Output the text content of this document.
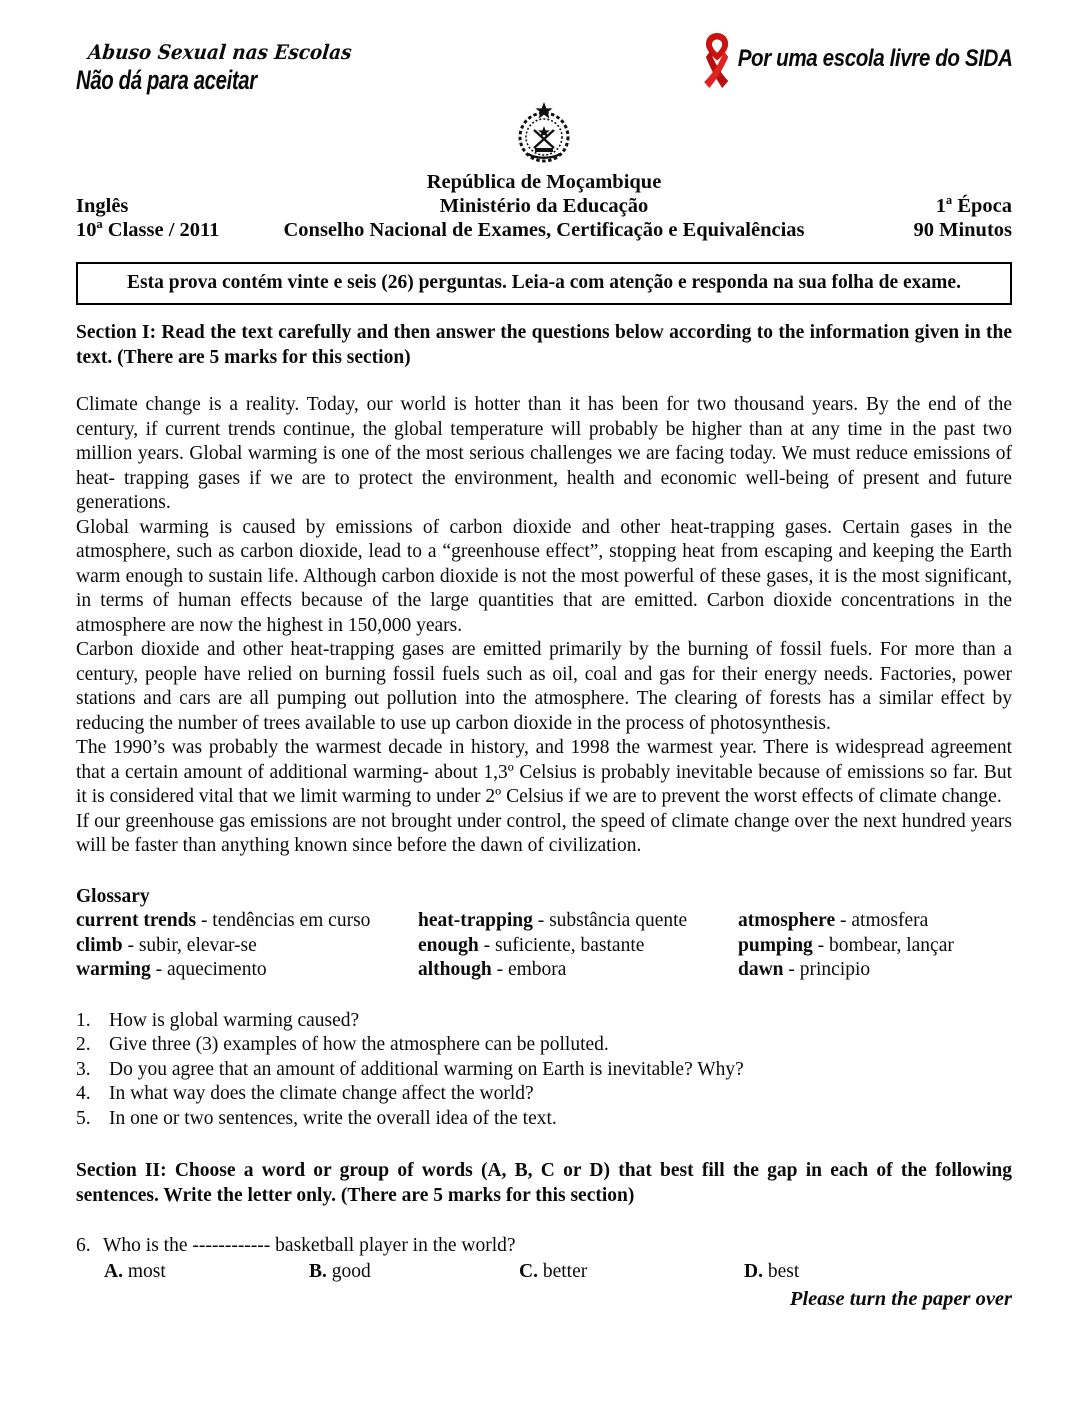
Abuso Sexual nas Escolas
Não dá para aceitar
Por uma escola livre do SIDA
República de Moçambique
Inglês	Ministério da Educação	1ª Época
10ª Classe / 2011	Conselho Nacional de Exames, Certificação e Equivalências	90 Minutos
Esta prova contém vinte e seis (26) perguntas. Leia-a com atenção e responda na sua folha de exame.
Section I: Read the text carefully and then answer the questions below according to the information given in the text. (There are 5 marks for this section)

Climate change is a reality. Today, our world is hotter than it has been for two thousand years. By the end of the century, if current trends continue, the global temperature will probably be higher than at any time in the past two million years. Global warming is one of the most serious challenges we are facing today. We must reduce emissions of heat- trapping gases if we are to protect the environment, health and economic well-being of present and future generations.

Global warming is caused by emissions of carbon dioxide and other heat-trapping gases. Certain gases in the atmosphere, such as carbon dioxide, lead to a “greenhouse effect”, stopping heat from escaping and keeping the Earth warm enough to sustain life. Although carbon dioxide is not the most powerful of these gases, it is the most significant, in terms of human effects because of the large quantities that are emitted. Carbon dioxide concentrations in the atmosphere are now the highest in 150,000 years.

Carbon dioxide and other heat-trapping gases are emitted primarily by the burning of fossil fuels. For more than a century, people have relied on burning fossil fuels such as oil, coal and gas for their energy needs. Factories, power stations and cars are all pumping out pollution into the atmosphere. The clearing of forests has a similar effect by reducing the number of trees available to use up carbon dioxide in the process of photosynthesis.

The 1990’s was probably the warmest decade in history, and 1998 the warmest year. There is widespread agreement that a certain amount of additional warming- about 1,3º Celsius is probably inevitable because of emissions so far. But it is considered vital that we limit warming to under 2º Celsius if we are to prevent the worst effects of climate change.

If our greenhouse gas emissions are not brought under control, the speed of climate change over the next hundred years will be faster than anything known since before the dawn of civilization.

Glossary
current trends - tendências em curso	heat-trapping - substância quente	atmosphere - atmosfera
climb - subir, elevar-se	enough - suficiente, bastante	pumping - bombear, lançar
warming - aquecimento	although - embora	dawn - principio
1. How is global warming caused?
2. Give three (3) examples of how the atmosphere can be polluted.
3. Do you agree that an amount of additional warming on Earth is inevitable? Why?
4. In what way does the climate change affect the world?
5. In one or two sentences, write the overall idea of the text.
Section II: Choose a word or group of words (A, B, C or D) that best fill the gap in each of the following sentences. Write the letter only. (There are 5 marks for this section)
6. Who is the ------------ basketball player in the world?
A. most	B. good	C. better	D. best
Please turn the paper over
